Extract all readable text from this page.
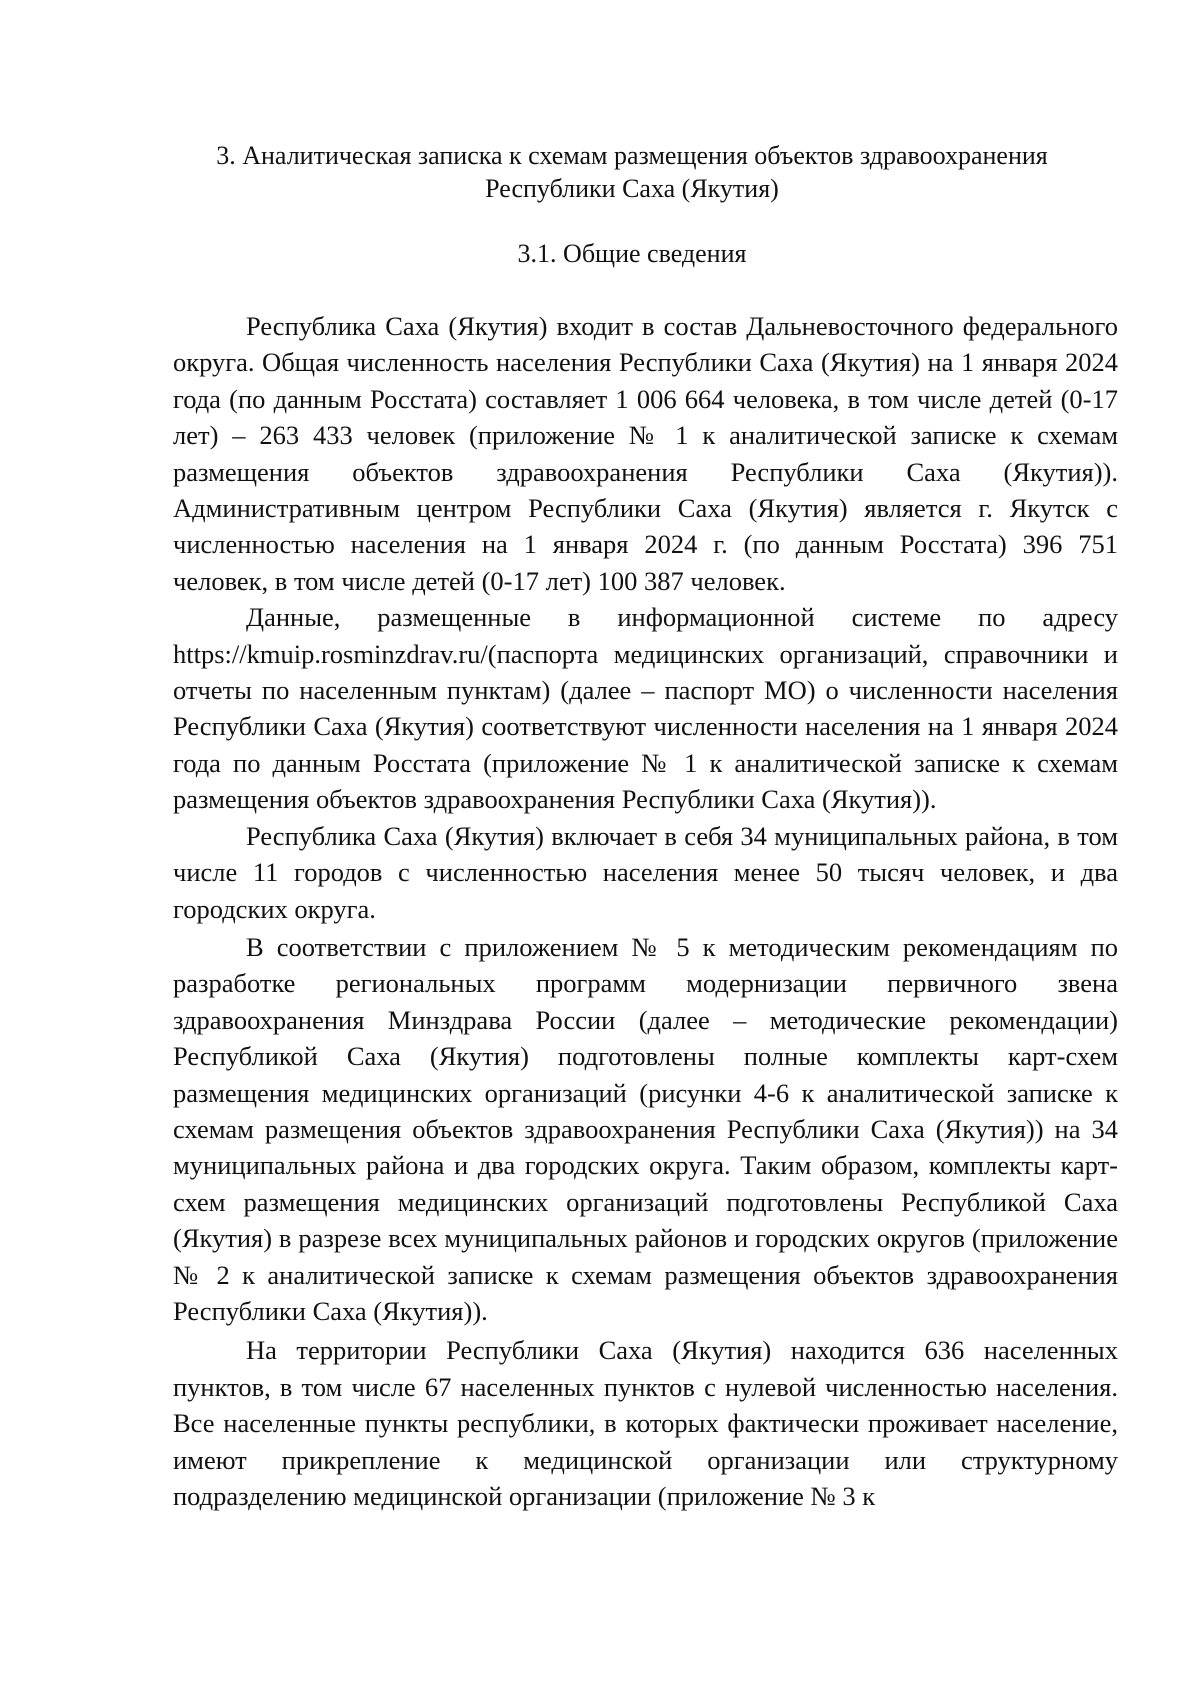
3. Аналитическая записка к схемам размещения объектов здравоохранения
Республики Саха (Якутия)
3.1. Общие сведения

Республика Саха (Якутия) входит в состав Дальневосточного федерального округа. Общая численность населения Республики Саха (Якутия) на 1 января 2024 года (по данным Росстата) составляет 1 006 664 человека, в том числе детей (0-17 лет) – 263 433 человек (приложение № 1 к аналитической записке к схемам размещения объектов здравоохранения Республики Саха (Якутия)). Административным центром Республики Саха (Якутия) является г. Якутск с численностью населения на 1 января 2024 г. (по данным Росстата) 396 751 человек, в том числе детей (0-17 лет) 100 387 человек.

Данные, размещенные в информационной системе по адресу https://kmuip.rosminzdrav.ru/(паспорта медицинских организаций, справочники и отчеты по населенным пунктам) (далее – паспорт МО) о численности населения Республики Саха (Якутия) соответствуют численности населения на 1 января 2024 года по данным Росстата (приложение № 1 к аналитической записке к схемам размещения объектов здравоохранения Республики Саха (Якутия)).

Республика Саха (Якутия) включает в себя 34 муниципальных района, в том числе 11 городов с численностью населения менее 50 тысяч человек, и два городских округа.

В соответствии с приложением № 5 к методическим рекомендациям по разработке региональных программ модернизации первичного звена здравоохранения Минздрава России (далее – методические рекомендации) Республикой Саха (Якутия) подготовлены полные комплекты карт-схем размещения медицинских организаций (рисунки 4-6 к аналитической записке к схемам размещения объектов здравоохранения Республики Саха (Якутия)) на 34 муниципальных района и два городских округа. Таким образом, комплекты карт-схем размещения медицинских организаций подготовлены Республикой Саха (Якутия) в разрезе всех муниципальных районов и городских округов (приложение № 2 к аналитической записке к схемам размещения объектов здравоохранения Республики Саха (Якутия)).

На территории Республики Саха (Якутия) находится 636 населенных пунктов, в том числе 67 населенных пунктов с нулевой численностью населения. Все населенные пункты республики, в которых фактически проживает население, имеют прикрепление к медицинской организации или структурному подразделению медицинской организации (приложение № 3 к
